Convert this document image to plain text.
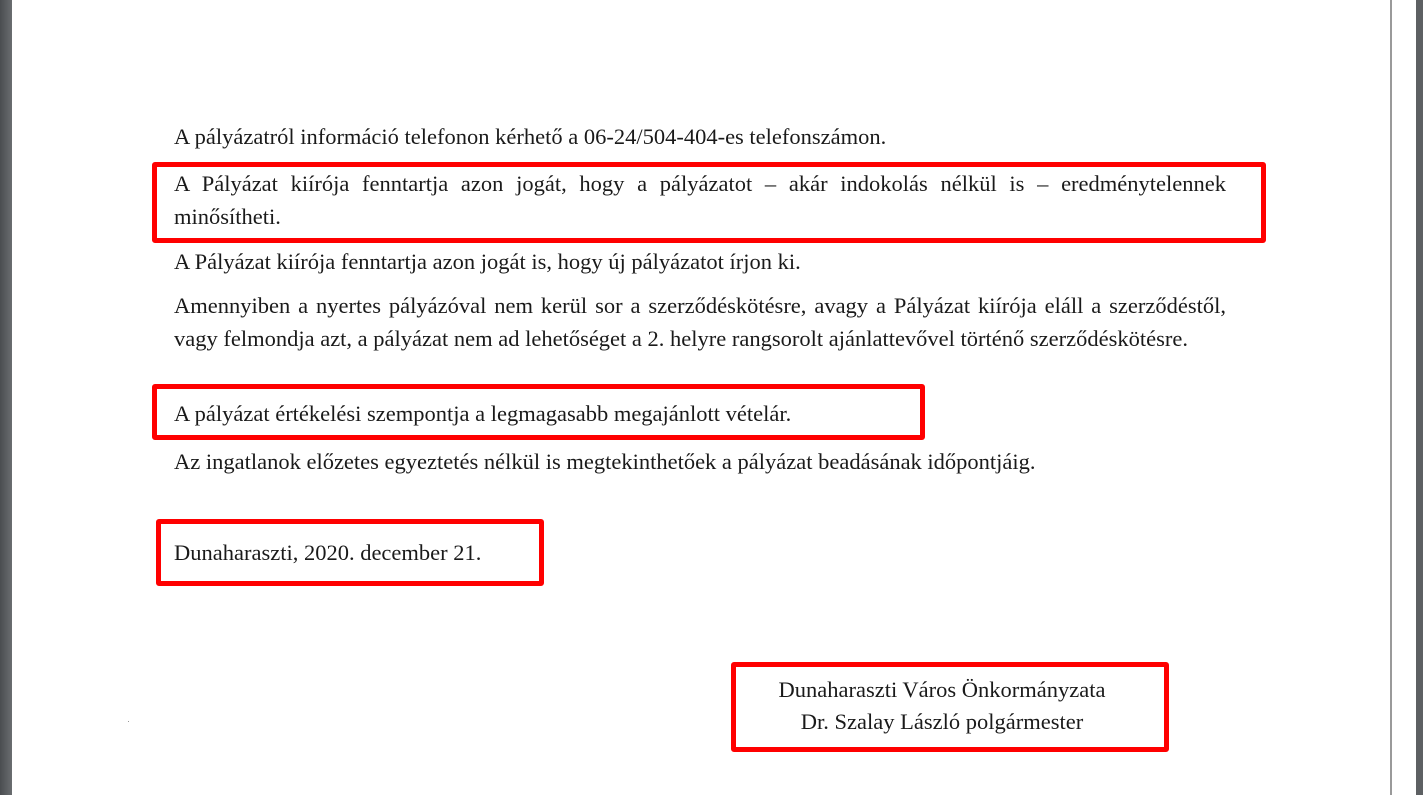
A pályázatról információ telefonon kérhető a 06-24/504-404-es telefonszámon.

A Pályázat kiírója fenntartja azon jogát, hogy a pályázatot – akár indokolás nélkül is – eredménytelennek minősítheti.

A Pályázat kiírója fenntartja azon jogát is, hogy új pályázatot írjon ki.

Amennyiben a nyertes pályázóval nem kerül sor a szerződéskötésre, avagy a Pályázat kiírója eláll a szerződéstől, vagy felmondja azt, a pályázat nem ad lehetőséget a 2. helyre rangsorolt ajánlattevővel történő szerződéskötésre.

A pályázat értékelési szempontja a legmagasabb megajánlott vételár.

Az ingatlanok előzetes egyeztetés nélkül is megtekinthetőek a pályázat beadásának időpontjáig.

Dunaharaszti, 2020. december 21.

Dunaharaszti Város Önkormányzata
Dr. Szalay László polgármester
